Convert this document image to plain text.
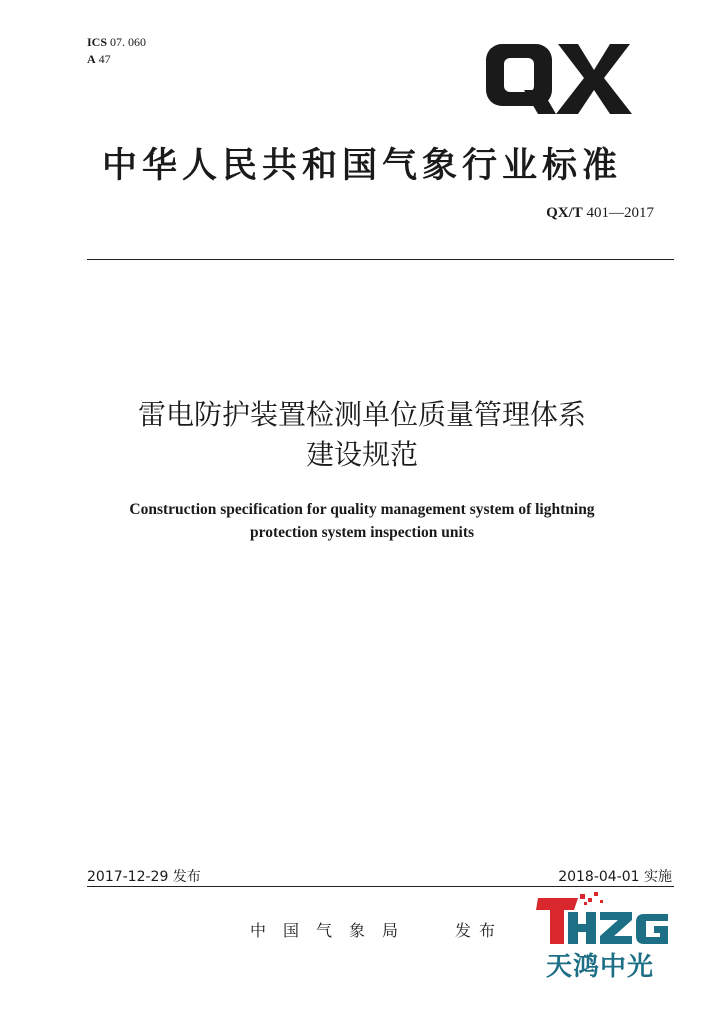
ICS 07. 060
A 47
中华人民共和国气象行业标准
QX/T 401—2017
雷电防护装置检测单位质量管理体系
建设规范
Construction specification for quality management system of lightning
protection system inspection units
2017-12-29 发布	2018-04-01 实施
中国气象局 发布
天鸿中光
